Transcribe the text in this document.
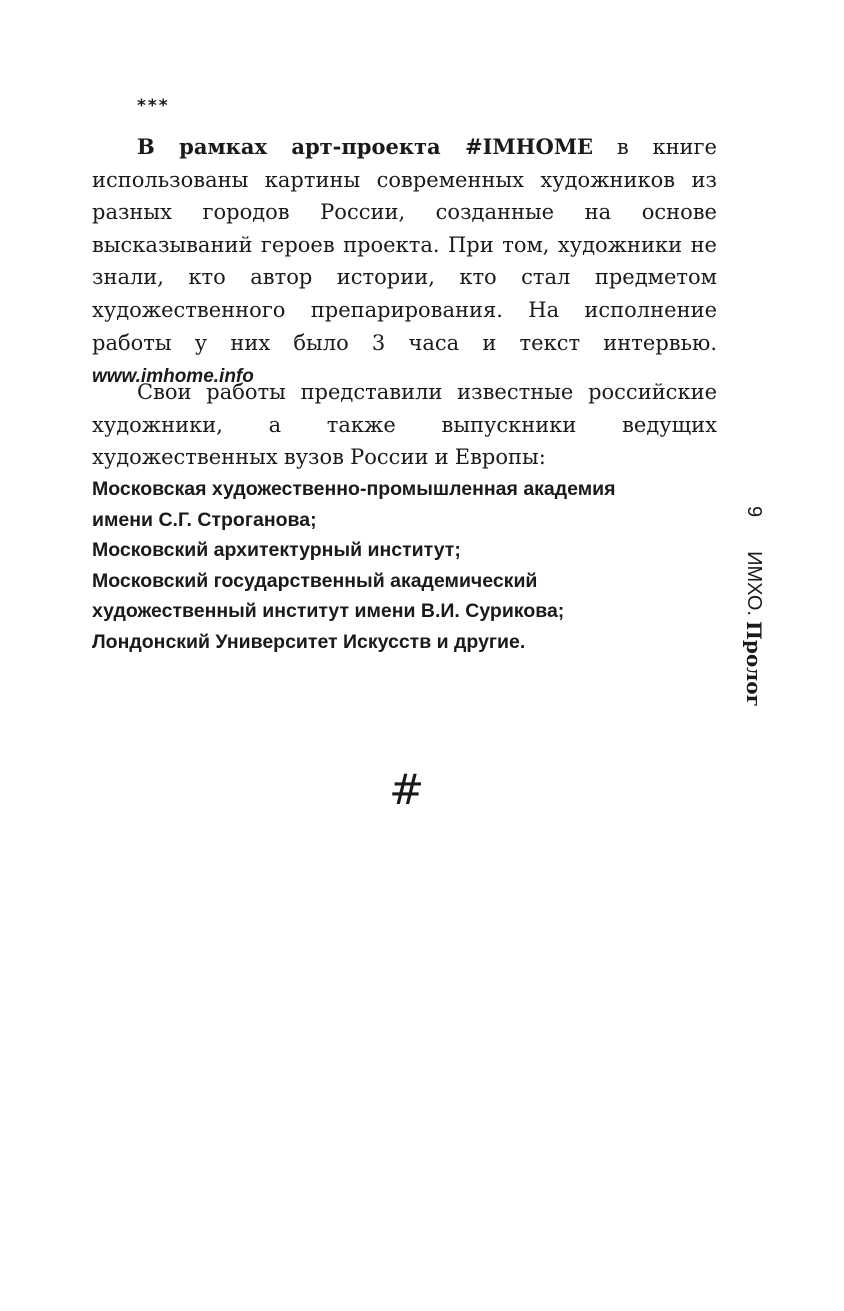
***

В рамках арт-проекта #IMHOME в книге использованы картины современных художников из разных городов России, созданные на основе высказываний героев проекта. При том, художники не знали, кто автор истории, кто стал предметом художественного препарирования. На исполнение работы у них было 3 часа и текст интервью. www.imhome.info

Свои работы представили известные российские художники, а также выпускники ведущих художественных вузов России и Европы:

Московская художественно-промышленная академия
имени С.Г. Строганова;
Московский архитектурный институт;
Московский государственный академический
художественный институт имени В.И. Сурикова;
Лондонский Университет Искусств и другие.
#
9ИМХО. Пролог
